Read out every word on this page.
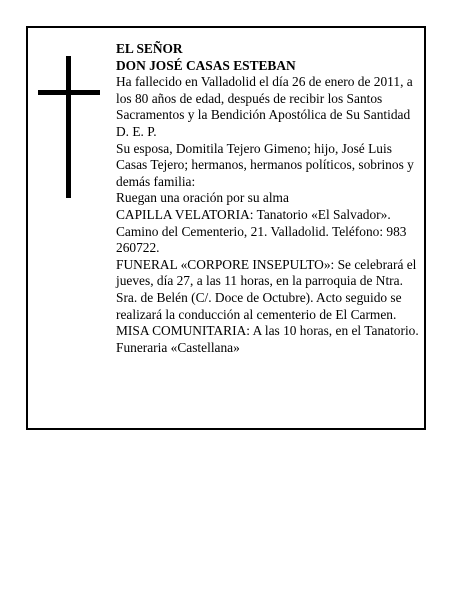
EL SEÑOR

DON JOSÉ CASAS ESTEBAN

Ha fallecido en Valladolid el día 26 de enero de 2011, a los 80 años de edad, después de recibir los Santos Sacramentos y la Bendición Apostólica de Su Santidad D. E. P.

Su esposa, Domitila Tejero Gimeno; hijo, José Luis Casas Tejero; hermanos, hermanos políticos, sobrinos y demás familia:

Ruegan una oración por su alma

CAPILLA VELATORIA: Tanatorio «El Salvador». Camino del Cementerio, 21. Valladolid. Teléfono: 983 260722.

FUNERAL «CORPORE INSEPULTO»: Se celebrará el jueves, día 27, a las 11 horas, en la parroquia de Ntra. Sra. de Belén (C/. Doce de Octubre). Acto seguido se realizará la conducción al cementerio de El Carmen.

MISA COMUNITARIA: A las 10 horas, en el Tanatorio.

Funeraria «Castellana»
